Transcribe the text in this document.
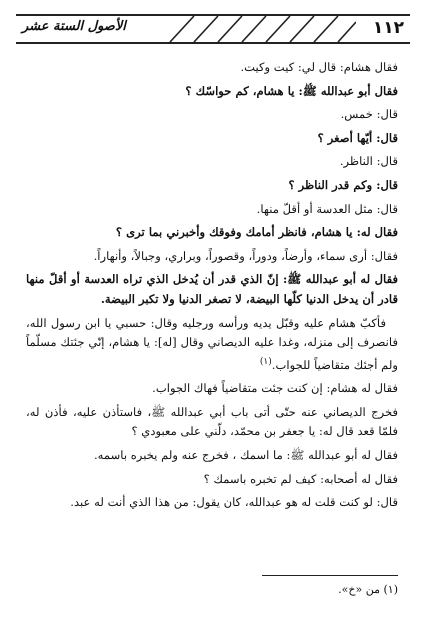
١١٢
الأصول الستة عشر

فقال هشام: قال لي: كيت وكيت.

فقال أبو عبدالله ﷺ: يا هشام، كم حواسّك ؟

قال: خمس.

قال: أيّها أصغر ؟

قال: الناظر.

قال: وكم قدر الناظر ؟

قال: مثل العدسة أو أقلّ منها.

فقال له: يا هشام، فانظر أمامك وفوقك وأخبرني بما ترى ؟

فقال: أرى سماء، وأرضاً، ودوراً، وقصوراً، وبراري، وجبالاً، وأنهاراً.

فقال له أبو عبدالله ﷺ: إنّ الذي قدر أن يُدخل الذي تراه العدسة أو أقلّ منها قادر أن يدخل الدنيا كلّها البيضة، لا تصغر الدنيا ولا تكبر البيضة.

فأكبّ هشام عليه وقبّل يديه ورأسه ورجليه وقال: حسبي يا ابن رسول الله، فانصرف إلى منزله، وغدا عليه الديصاني وقال [له]: يا هشام، إنّي جئتك مسلّماً ولم أجئك متقاضياً للجواب.$^{(١)}$

فقال له هشام: إن كنت جئت متقاضياً فهاك الجواب.

فخرج الديصاني عنه حتّى أتى باب أبي عبدالله ﷺ، فاستأذن عليه، فأذن له، فلمّا قعد قال له: يا جعفر بن محمّد، دلّني على معبودي ؟

فقال له أبو عبدالله ﷺ: ما اسمك ، فخرج عنه ولم يخبره باسمه.

فقال له أصحابه: كيف لم تخبره باسمك ؟

قال: لو كنت قلت له هو عبدالله، كان يقول: من هذا الذي أنت له عبد.

(١) من «خ».
